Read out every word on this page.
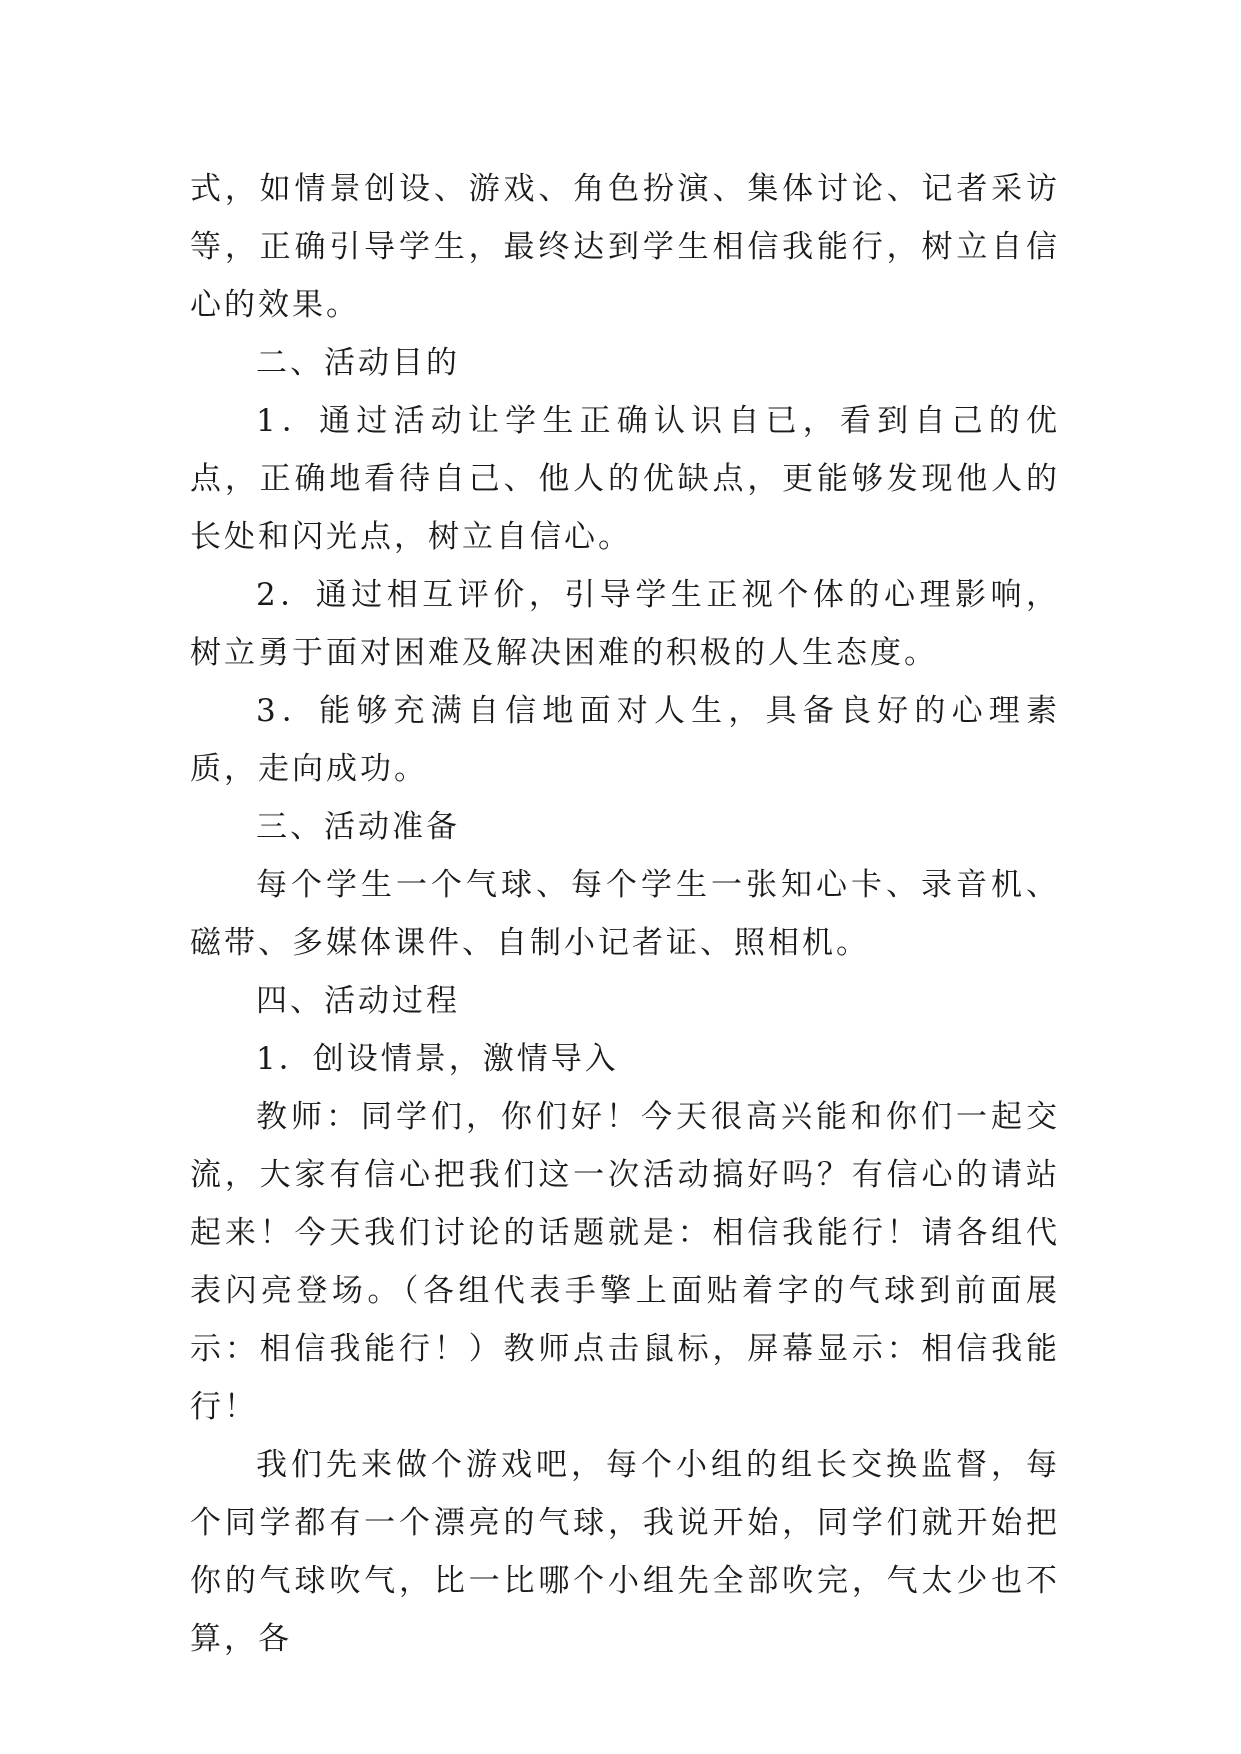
式，如情景创设、游戏、角色扮演、集体讨论、记者采访等，正确引导学生，最终达到学生相信我能行，树立自信心的效果。

二、活动目的

1．通过活动让学生正确认识自已，看到自己的优点，正确地看待自己、他人的优缺点，更能够发现他人的长处和闪光点，树立自信心。

2．通过相互评价，引导学生正视个体的心理影响，树立勇于面对困难及解决困难的积极的人生态度。

3．能够充满自信地面对人生，具备良好的心理素质，走向成功。

三、活动准备

每个学生一个气球、每个学生一张知心卡、录音机、磁带、多媒体课件、自制小记者证、照相机。

四、活动过程

1．创设情景，激情导入

教师：同学们，你们好！今天很高兴能和你们一起交流，大家有信心把我们这一次活动搞好吗？有信心的请站起来！今天我们讨论的话题就是：相信我能行！请各组代表闪亮登场。（各组代表手擎上面贴着字的气球到前面展示：相信我能行！）教师点击鼠标，屏幕显示：相信我能行！

我们先来做个游戏吧，每个小组的组长交换监督，每个同学都有一个漂亮的气球，我说开始，同学们就开始把你的气球吹气，比一比哪个小组先全部吹完，气太少也不算，各
